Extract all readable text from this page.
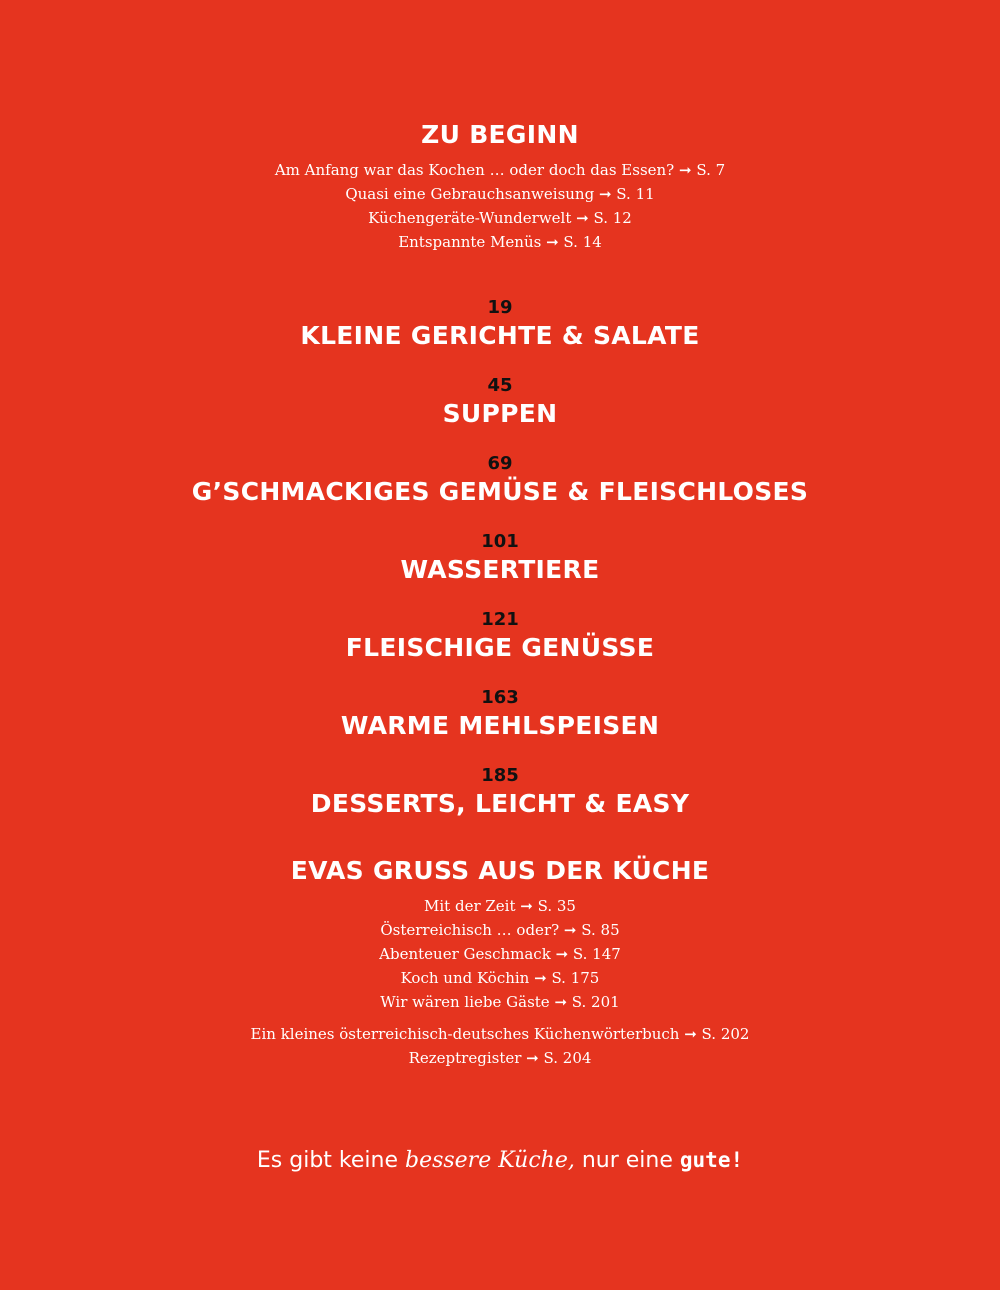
ZU BEGINN

Am Anfang war das Kochen … oder doch das Essen? ➞ S. 7

Quasi eine Gebrauchsanweisung ➞ S. 11

Küchengeräte-Wunderwelt ➞ S. 12

Entspannte Menüs ➞ S. 14

19

KLEINE GERICHTE & SALATE

45

SUPPEN

69

G’SCHMACKIGES GEMÜSE & FLEISCHLOSES

101

WASSERTIERE

121

FLEISCHIGE GENÜSSE

163

WARME MEHLSPEISEN

185

DESSERTS, LEICHT & EASY
EVAS GRUSS AUS DER KÜCHE

Mit der Zeit ➞ S. 35

Österreichisch … oder? ➞ S. 85

Abenteuer Geschmack ➞ S. 147

Koch und Köchin ➞ S. 175

Wir wären liebe Gäste ➞ S. 201

Ein kleines österreichisch-deutsches Küchenwörterbuch ➞ S. 202

Rezeptregister ➞ S. 204

Es gibt keine bessere Küche, nur eine gute!
